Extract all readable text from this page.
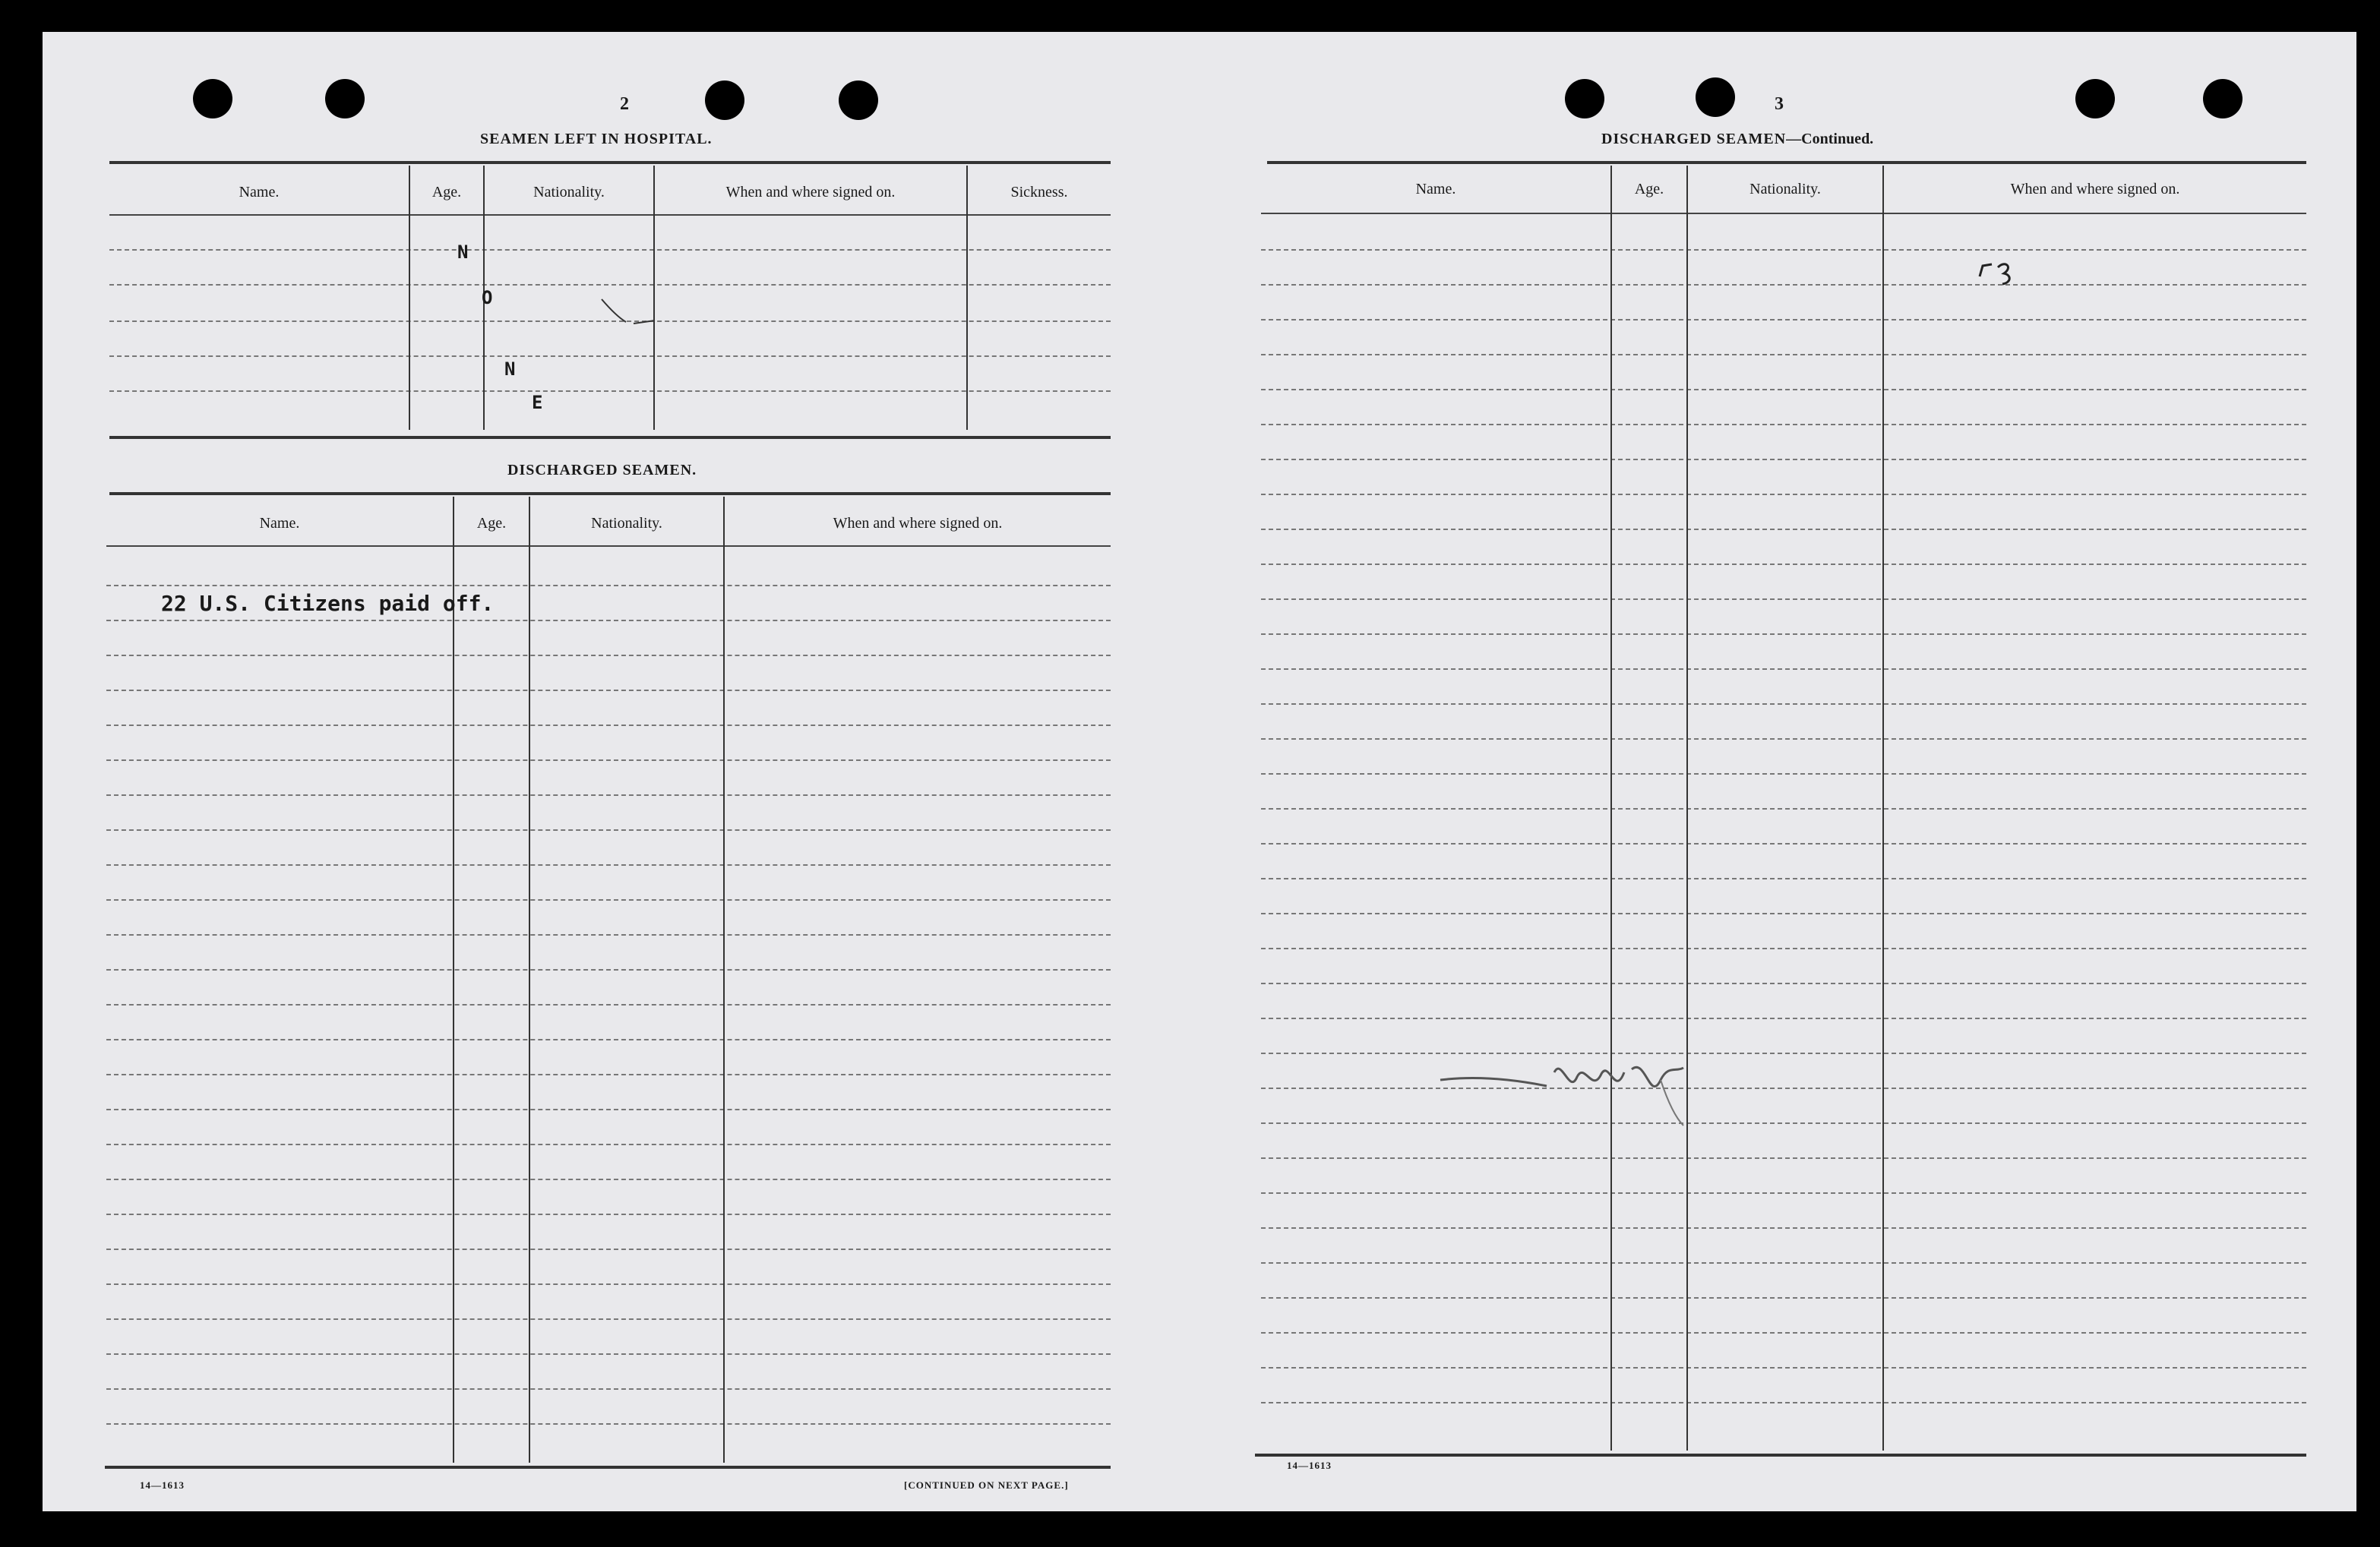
2
SEAMEN LEFT IN HOSPITAL.
Name.	Age.	Nationality.	When and where signed on.	Sickness.
N
O
N
E
DISCHARGED SEAMEN.
Name.	Age.	Nationality.	When and where signed on.
22 U.S. Citizens paid off.
14—1613	[CONTINUED ON NEXT PAGE.]
3
DISCHARGED SEAMEN—Continued.
Name.	Age.	Nationality.	When and where signed on.
14—1613
